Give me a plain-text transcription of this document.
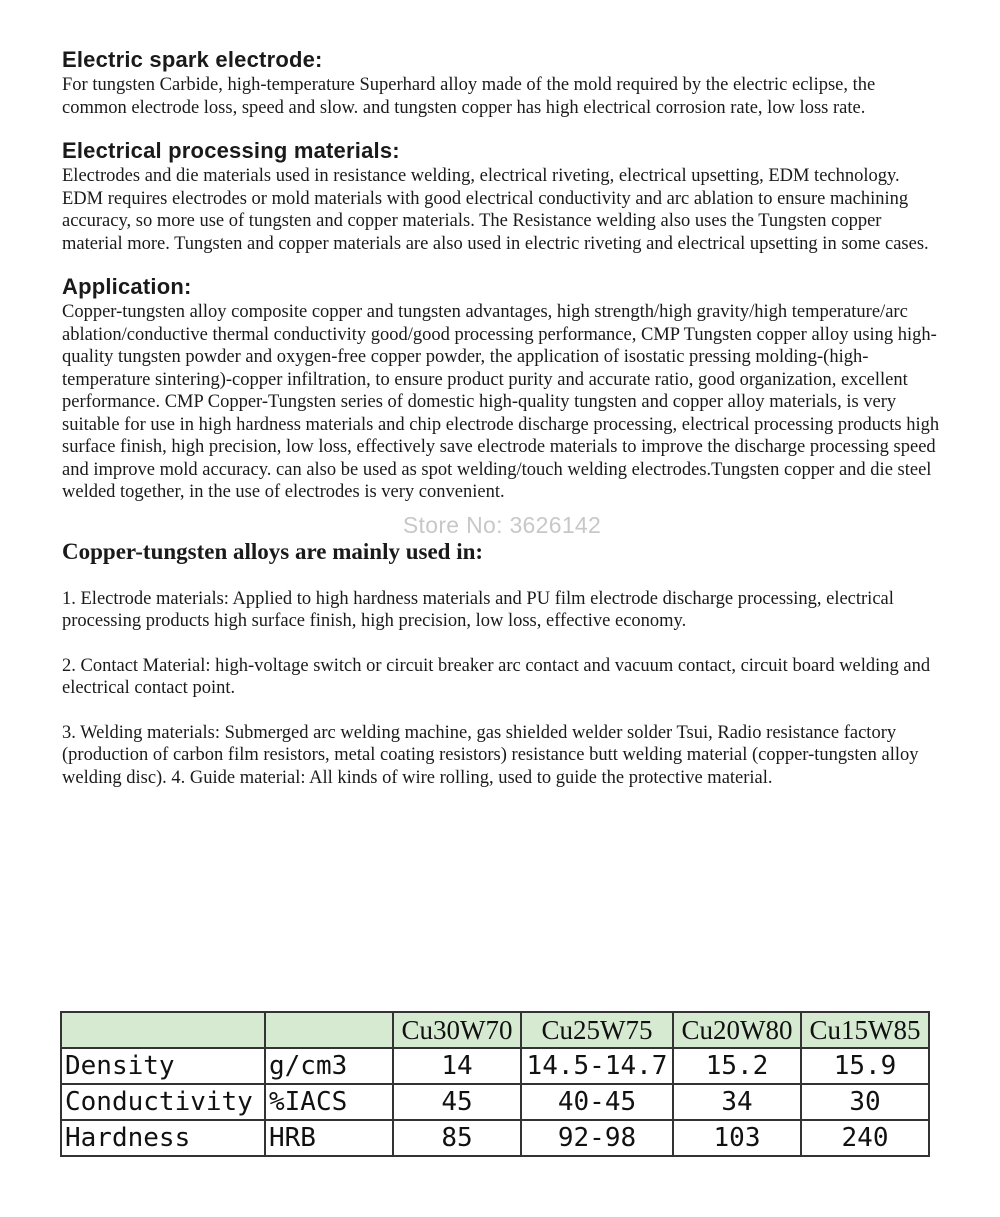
Electric spark electrode:

For tungsten Carbide, high-temperature Superhard alloy made of the mold required by the electric eclipse, the common electrode loss, speed and slow. and tungsten copper has high electrical corrosion rate, low loss rate.

Electrical processing materials:

Electrodes and die materials used in resistance welding, electrical riveting, electrical upsetting, EDM technology. EDM requires electrodes or mold materials with good electrical conductivity and arc ablation to ensure machining accuracy, so more use of tungsten and copper materials. The Resistance welding also uses the Tungsten copper material more. Tungsten and copper materials are also used in electric riveting and electrical upsetting in some cases.

Application:

Copper-tungsten alloy composite copper and tungsten advantages, high strength/high gravity/high temperature/arc ablation/conductive thermal conductivity good/good processing performance, CMP Tungsten copper alloy using high-quality tungsten powder and oxygen-free copper powder, the application of isostatic pressing molding-(high-temperature sintering)-copper infiltration, to ensure product purity and accurate ratio, good organization, excellent performance. CMP Copper-Tungsten series of domestic high-quality tungsten and copper alloy materials, is very suitable for use in high hardness materials and chip electrode discharge processing, electrical processing products high surface finish, high precision, low loss, effectively save electrode materials to improve the discharge processing speed and improve mold accuracy. can also be used as spot welding/touch welding electrodes.Tungsten copper and die steel welded together, in the use of electrodes is very convenient.

Store No: 3626142
Copper-tungsten alloys are mainly used in:

1. Electrode materials: Applied to high hardness materials and PU film electrode discharge processing, electrical processing products high surface finish, high precision, low loss, effective economy.

2. Contact Material: high-voltage switch or circuit breaker arc contact and vacuum contact, circuit board welding and electrical contact point.

3. Welding materials: Submerged arc welding machine, gas shielded welder solder Tsui, Radio resistance factory (production of carbon film resistors, metal coating resistors) resistance butt welding material (copper-tungsten alloy welding disc). 4. Guide material: All kinds of wire rolling, used to guide the protective material.

		Cu30W70	Cu25W75	Cu20W80	Cu15W85
Density	g/cm3	14	14.5-14.7	15.2	15.9
Conductivity	%IACS	45	40-45	34	30
Hardness	HRB	85	92-98	103	240
